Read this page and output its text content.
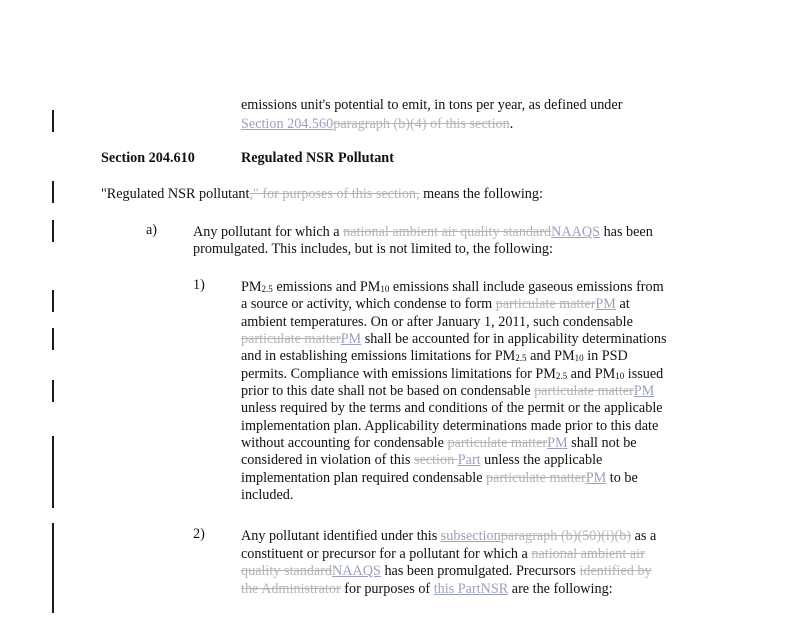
emissions unit's potential to emit, in tons per year, as defined under
Section 204.560paragraph (b)(4) of this section.
Section 204.610	Regulated NSR Pollutant
"Regulated NSR pollutant," for purposes of this section, means the following:
a)	Any pollutant for which a national ambient air quality standardNAAQS has been
promulgated. This includes, but is not limited to, the following:
1)	$PM_{2.5}$ emissions and $PM_{10}$ emissions shall include gaseous emissions from
a source or activity, which condense to form particulate matterPM at
ambient temperatures. On or after January 1, 2011, such condensable
particulate matterPM shall be accounted for in applicability determinations
and in establishing emissions limitations for $PM_{2.5}$ and $PM_{10}$ in PSD
permits. Compliance with emissions limitations for $PM_{2.5}$ and $PM_{10}$ issued
prior to this date shall not be based on condensable particulate matterPM
unless required by the terms and conditions of the permit or the applicable
implementation plan. Applicability determinations made prior to this date
without accounting for condensable particulate matterPM shall not be
considered in violation of this section Part unless the applicable
implementation plan required condensable particulate matterPM to be
included.
2)	Any pollutant identified under this subsectionparagraph (b)(50)(i)(b) as a
constituent or precursor for a pollutant for which a national ambient air
quality standardNAAQS has been promulgated. Precursors identified by
the Administrator for purposes of this PartNSR are the following:
